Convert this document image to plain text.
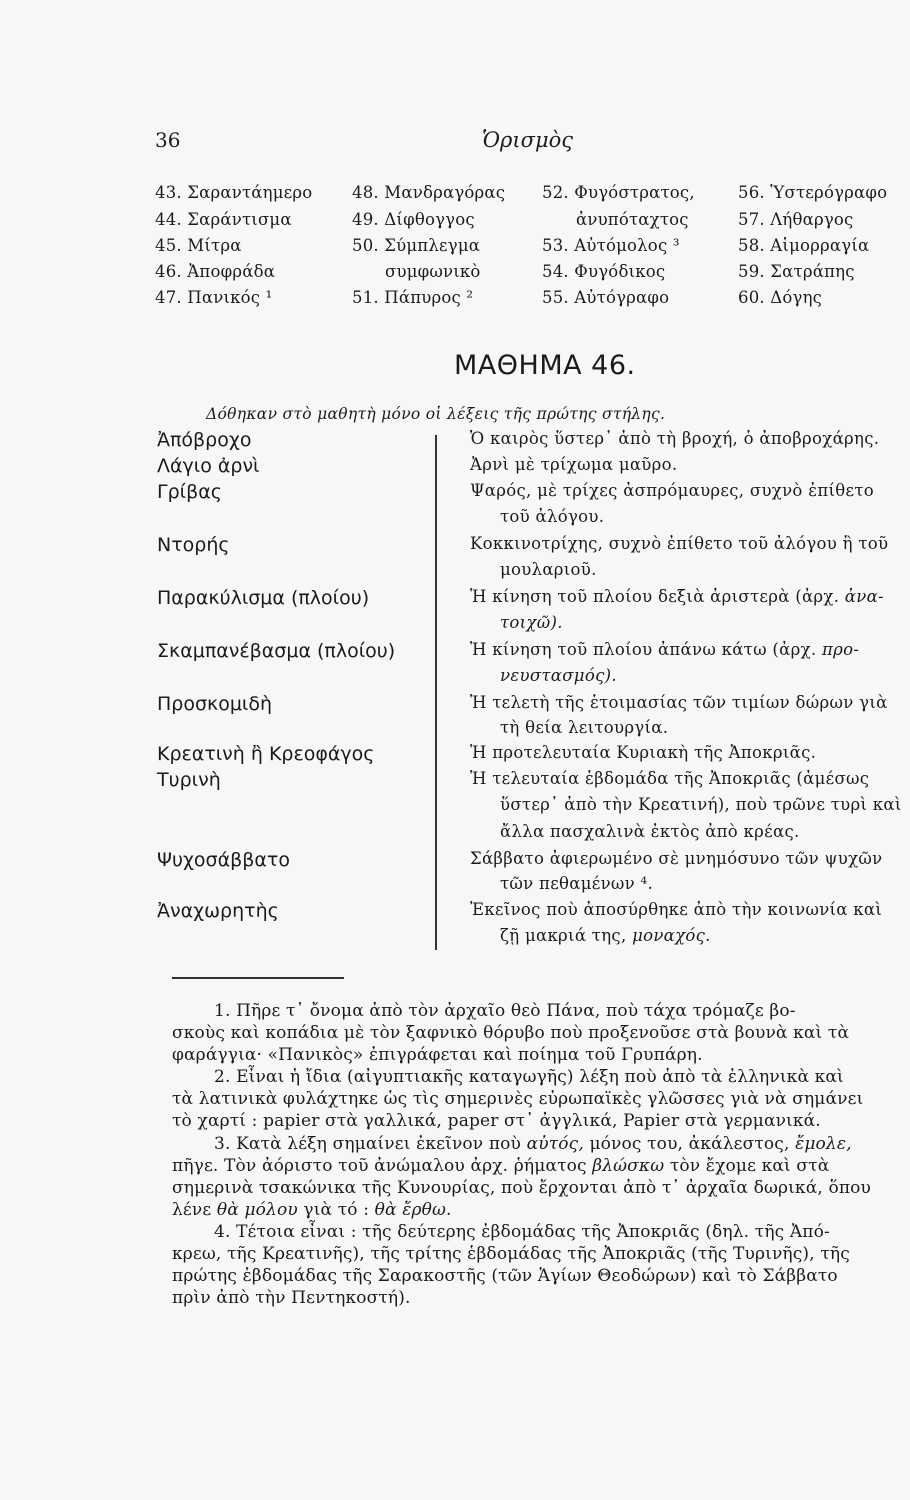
36	Ὁρισμὸς
43. Σαραντάημερο
44. Σαράντισμα
45. Μίτρα
46. Ἀποφράδα
47. Πανικός ¹
48. Μανδραγόρας
49. Δίφθογγος
50. Σύμπλεγμα
συμφωνικὸ
51. Πάπυρος ²
52. Φυγόστρατος,
ἀνυπόταχτος
53. Αὐτόμολος ³
54. Φυγόδικος
55. Αὐτόγραφο
56. Ὑστερόγραφο
57. Λήθαργος
58. Αἱμορραγία
59. Σατράπης
60. Δόγης
ΜΑΘΗΜΑ 46.
Δόθηκαν στὸ μαθητὴ μόνο οἱ λέξεις τῆς πρώτης στήλης.
Ἀπόβροχο
Λάγιο ἀρνὶ
Γρίβας
Ντορής
Παρακύλισμα (πλοίου)
Σκαμπανέβασμα (πλοίου)
Προσκομιδὴ
Κρεατινὴ ἢ Κρεοφάγος
Τυρινὴ
Ψυχοσάββατο
Ἀναχωρητὴς
Ὁ καιρὸς ὕστερ᾽ ἀπὸ τὴ βροχή, ὁ ἀποβροχάρης.
Ἀρνὶ μὲ τρίχωμα μαῦρο.
Ψαρός, μὲ τρίχες ἀσπρόμαυρες, συχνὸ ἐπίθετο
τοῦ ἀλόγου.
Κοκκινοτρίχης, συχνὸ ἐπίθετο τοῦ ἀλόγου ἢ τοῦ
μουλαριοῦ.
Ἡ κίνηση τοῦ πλοίου δεξιὰ ἀριστερὰ (ἀρχ. ἀνα-
τοιχῶ).
Ἡ κίνηση τοῦ πλοίου ἀπάνω κάτω (ἀρχ. προ-
νευστασμός).
Ἡ τελετὴ τῆς ἑτοιμασίας τῶν τιμίων δώρων γιὰ
τὴ θεία λειτουργία.
Ἡ προτελευταία Κυριακὴ τῆς Ἀποκριᾶς.
Ἡ τελευταία ἑβδομάδα τῆς Ἀποκριᾶς (ἀμέσως
ὕστερ᾽ ἀπὸ τὴν Κρεατινή), ποὺ τρῶνε τυρὶ καὶ
ἄλλα πασχαλινὰ ἐκτὸς ἀπὸ κρέας.
Σάββατο ἀφιερωμένο σὲ μνημόσυνο τῶν ψυχῶν
τῶν πεθαμένων ⁴.
Ἐκεῖνος ποὺ ἀποσύρθηκε ἀπὸ τὴν κοινωνία καὶ
ζῇ μακριά της, μοναχός.
1. Πῆρε τ᾽ ὄνομα ἀπὸ τὸν ἀρχαῖο θεὸ Πάνα, ποὺ τάχα τρόμαζε βο-
σκοὺς καὶ κοπάδια μὲ τὸν ξαφνικὸ θόρυβο ποὺ προξενοῦσε στὰ βουνὰ καὶ τὰ
φαράγγια· «Πανικὸς» ἐπιγράφεται καὶ ποίημα τοῦ Γρυπάρη.
2. Εἶναι ἡ ἴδια (αἰγυπτιακῆς καταγωγῆς) λέξη ποὺ ἀπὸ τὰ ἑλληνικὰ καὶ
τὰ λατινικὰ φυλάχτηκε ὡς τὶς σημερινὲς εὐρωπαϊκὲς γλῶσσες γιὰ νὰ σημάνει
τὸ χαρτί : papier στὰ γαλλικά, paper στ᾽ ἀγγλικά, Papier στὰ γερμανικά.
3. Κατὰ λέξη σημαίνει ἐκεῖνον ποὺ αὐτός, μόνος του, ἀκάλεστος, ἔμολε,
πῆγε. Τὸν ἀόριστο τοῦ ἀνώμαλου ἀρχ. ῥήματος βλώσκω τὸν ἔχομε καὶ στὰ
σημερινὰ τσακώνικα τῆς Κυνουρίας, ποὺ ἔρχονται ἀπὸ τ᾽ ἀρχαῖα δωρικά, ὅπου
λένε θὰ μόλου γιὰ τό : θὰ ἔρθω.
4. Τέτοια εἶναι : τῆς δεύτερης ἑβδομάδας τῆς Ἀποκριᾶς (δηλ. τῆς Ἀπό-
κρεω, τῆς Κρεατινῆς), τῆς τρίτης ἑβδομάδας τῆς Ἀποκριᾶς (τῆς Τυρινῆς), τῆς
πρώτης ἑβδομάδας τῆς Σαρακοστῆς (τῶν Ἁγίων Θεοδώρων) καὶ τὸ Σάββατο
πρὶν ἀπὸ τὴν Πεντηκοστή).
